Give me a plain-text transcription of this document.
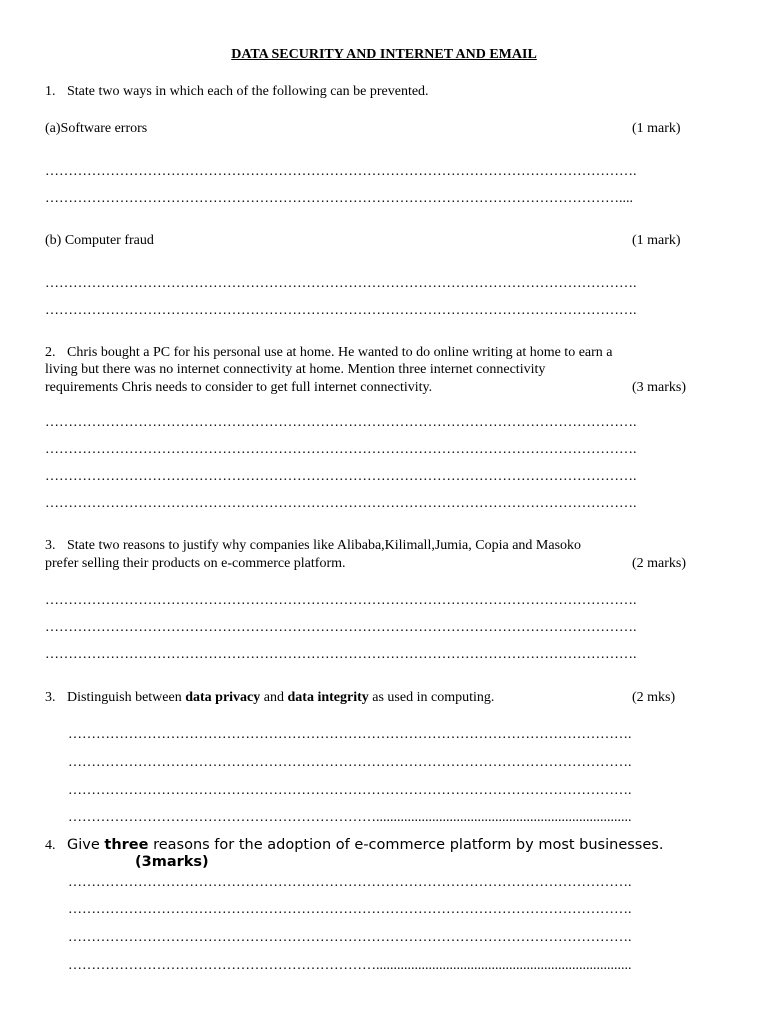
DATA SECURITY AND INTERNET AND EMAIL
1. State two ways in which each of the following can be prevented.
(a)Software errors	(1 mark)
……………………………………………………………………………………………………………….
……………………………………………………………………………………………………………....
(b) Computer fraud	(1 mark)
……………………………………………………………………………………………………………….
……………………………………………………………………………………………………………….
2. Chris bought a PC for his personal use at home. He wanted to do online writing at home to earn a
living but there was no internet connectivity at home. Mention three internet connectivity
requirements Chris needs to consider to get full internet connectivity.	(3 marks)
……………………………………………………………………………………………………………….
……………………………………………………………………………………………………………….
……………………………………………………………………………………………………………….
……………………………………………………………………………………………………………….
3. State two reasons to justify why companies like Alibaba,Kilimall,Jumia, Copia and Masoko
prefer selling their products on e-commerce platform.	(2 marks)
……………………………………………………………………………………………………………….
……………………………………………………………………………………………………………….
……………………………………………………………………………………………………………….
3. Distinguish between data privacy and data integrity as used in computing.	(2 mks)
………………………………………………………………………………………………………….
………………………………………………………………………………………………………….
………………………………………………………………………………………………………….
………………………………………………………….........................................................................
4. Give three reasons for the adoption of e-commerce platform by most businesses.
(3marks)
………………………………………………………………………………………………………….
………………………………………………………………………………………………………….
………………………………………………………………………………………………………….
………………………………………………………….........................................................................
